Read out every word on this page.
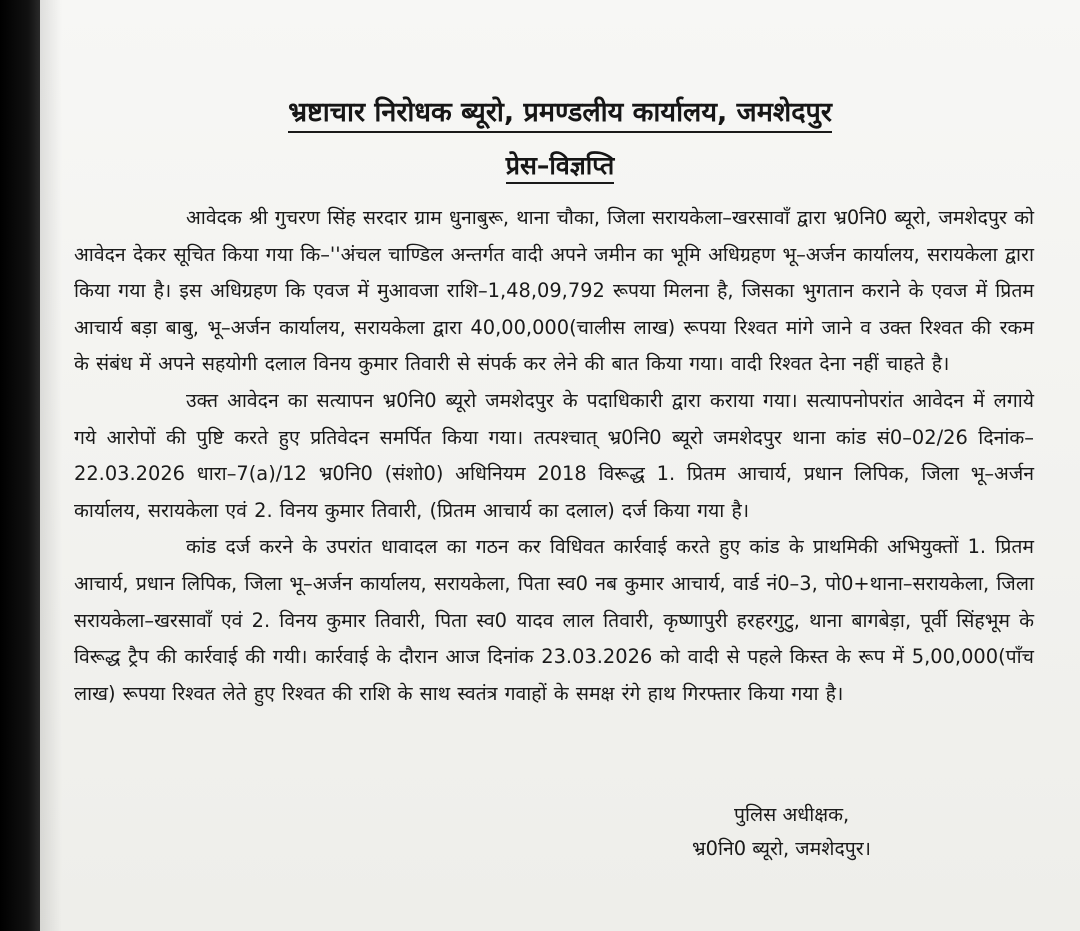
भ्रष्टाचार निरोधक ब्यूरो, प्रमण्डलीय कार्यालय, जमशेदपुर
प्रेस–विज्ञप्ति

आवेदक श्री गुचरण सिंह सरदार ग्राम धुनाबुरू, थाना चौका, जिला सरायकेला–खरसावाँ द्वारा भ्र0नि0 ब्यूरो, जमशेदपुर को आवेदन देकर सूचित किया गया कि–''अंचल चाण्डिल अन्तर्गत वादी अपने जमीन का भूमि अधिग्रहण भू–अर्जन कार्यालय, सरायकेला द्वारा किया गया है। इस अधिग्रहण कि एवज में मुआवजा राशि–1,48,09,792 रूपया मिलना है, जिसका भुगतान कराने के एवज में प्रितम आचार्य बड़ा बाबु, भू–अर्जन कार्यालय, सरायकेला द्वारा 40,00,000(चालीस लाख) रूपया रिश्वत मांगे जाने व उक्त रिश्वत की रकम के संबंध में अपने सहयोगी दलाल विनय कुमार तिवारी से संपर्क कर लेने की बात किया गया। वादी रिश्वत देना नहीं चाहते है।

उक्त आवेदन का सत्यापन भ्र0नि0 ब्यूरो जमशेदपुर के पदाधिकारी द्वारा कराया गया। सत्यापनोपरांत आवेदन में लगाये गये आरोपों की पुष्टि करते हुए प्रतिवेदन समर्पित किया गया। तत्पश्चात् भ्र0नि0 ब्यूरो जमशेदपुर थाना कांड सं0–02/26 दिनांक–22.03.2026 धारा–7(a)/12 भ्र0नि0 (संशो0) अधिनियम 2018 विरूद्ध 1. प्रितम आचार्य, प्रधान लिपिक, जिला भू–अर्जन कार्यालय, सरायकेला एवं 2. विनय कुमार तिवारी, (प्रितम आचार्य का दलाल) दर्ज किया गया है।

कांड दर्ज करने के उपरांत धावादल का गठन कर विधिवत कार्रवाई करते हुए कांड के प्राथमिकी अभियुक्तों 1. प्रितम आचार्य, प्रधान लिपिक, जिला भू–अर्जन कार्यालय, सरायकेला, पिता स्व0 नब कुमार आचार्य, वार्ड नं0–3, पो0+थाना–सरायकेला, जिला सरायकेला–खरसावाँ एवं 2. विनय कुमार तिवारी, पिता स्व0 यादव लाल तिवारी, कृष्णापुरी हरहरगुटु, थाना बागबेड़ा, पूर्वी सिंहभूम के विरूद्ध ट्रैप की कार्रवाई की गयी। कार्रवाई के दौरान आज दिनांक 23.03.2026 को वादी से पहले किस्त के रूप में 5,00,000(पाँच लाख) रूपया रिश्वत लेते हुए रिश्वत की राशि के साथ स्वतंत्र गवाहों के समक्ष रंगे हाथ गिरफ्तार किया गया है।

पुलिस अधीक्षक,
भ्र0नि0 ब्यूरो, जमशेदपुर।
